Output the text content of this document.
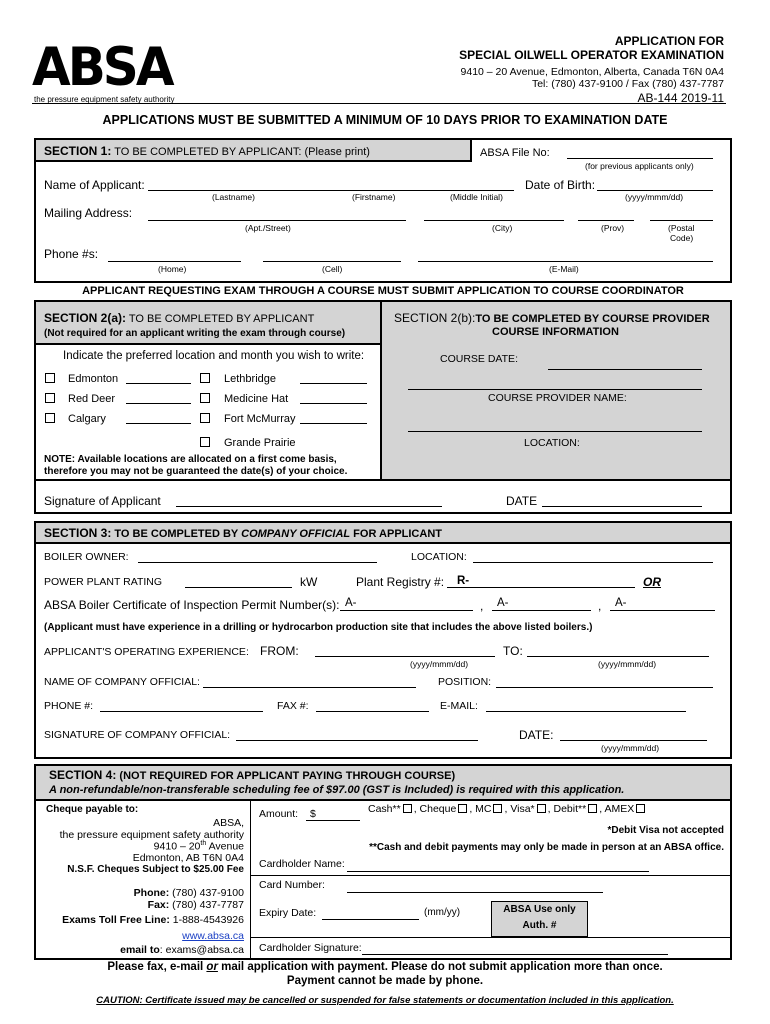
ABSA
the pressure equipment safety authority
APPLICATION FOR
SPECIAL OILWELL OPERATOR EXAMINATION
9410 – 20 Avenue, Edmonton, Alberta, Canada T6N 0A4
Tel: (780) 437-9100 / Fax (780) 437-7787
AB-144 2019-11
APPLICATIONS MUST BE SUBMITTED A MINIMUM OF 10 DAYS PRIOR TO EXAMINATION DATE
SECTION 1: TO BE COMPLETED BY APPLICANT: (Please print)	ABSA File No:
(for previous applicants only)
Name of Applicant:
(Lastname)	(Firstname)	(Middle Initial)
Date of Birth:
(yyyy/mmm/dd)
Mailing Address:
(Apt./Street)	(City)	(Prov)	(Postal
Code)
Phone #s:
(Home)	(Cell)	(E-Mail)
APPLICANT REQUESTING EXAM THROUGH A COURSE MUST SUBMIT APPLICATION TO COURSE COORDINATOR
SECTION 2(a): TO BE COMPLETED BY APPLICANT
(Not required for an applicant writing the exam through course)
Indicate the preferred location and month you wish to write:
Edmonton	Lethbridge
Red Deer	Medicine Hat
Calgary	Fort McMurray
Grande Prairie
NOTE: Available locations are allocated on a first come basis,
therefore you may not be guaranteed the date(s) of your choice.
SECTION 2(b):TO BE COMPLETED BY COURSE PROVIDER
COURSE INFORMATION
COURSE DATE:
COURSE PROVIDER NAME:
LOCATION:
Signature of Applicant	DATE
SECTION 3: TO BE COMPLETED BY COMPANY OFFICIAL FOR APPLICANT
BOILER OWNER:	LOCATION:
POWER PLANT RATING	kW	Plant Registry #: R-	OR
ABSA Boiler Certificate of Inspection Permit Number(s): A-	, A-	, A-
(Applicant must have experience in a drilling or hydrocarbon production site that includes the above listed boilers.)
APPLICANT'S OPERATING EXPERIENCE: FROM:
(yyyy/mmm/dd)
TO:
(yyyy/mmm/dd)
NAME OF COMPANY OFFICIAL:	POSITION:
PHONE #:	FAX #:	E-MAIL:
SIGNATURE OF COMPANY OFFICIAL:	DATE:
(yyyy/mmm/dd)
SECTION 4: (NOT REQUIRED FOR APPLICANT PAYING THROUGH COURSE)
A non-refundable/non-transferable scheduling fee of $97.00 (GST is Included) is required with this application.
Cheque payable to:
ABSA,
the pressure equipment safety authority
9410 – 20th Avenue
Edmonton, AB T6N 0A4
N.S.F. Cheques Subject to $25.00 Fee
Phone: (780) 437-9100
Fax: (780) 437-7787
Exams Toll Free Line: 1-888-4543926
www.absa.ca
email to: exams@absa.ca
Amount: $	Cash** , Cheque , MC , Visa* , Debit** , AMEX
*Debit Visa not accepted
**Cash and debit payments may only be made in person at an ABSA office.
Cardholder Name:
Card Number:
Expiry Date:	(mm/yy)	ABSA Use only
Auth. #
Cardholder Signature:
Please fax, e-mail or mail application with payment. Please do not submit application more than once.
Payment cannot be made by phone.
CAUTION: Certificate issued may be cancelled or suspended for false statements or documentation included in this application.
